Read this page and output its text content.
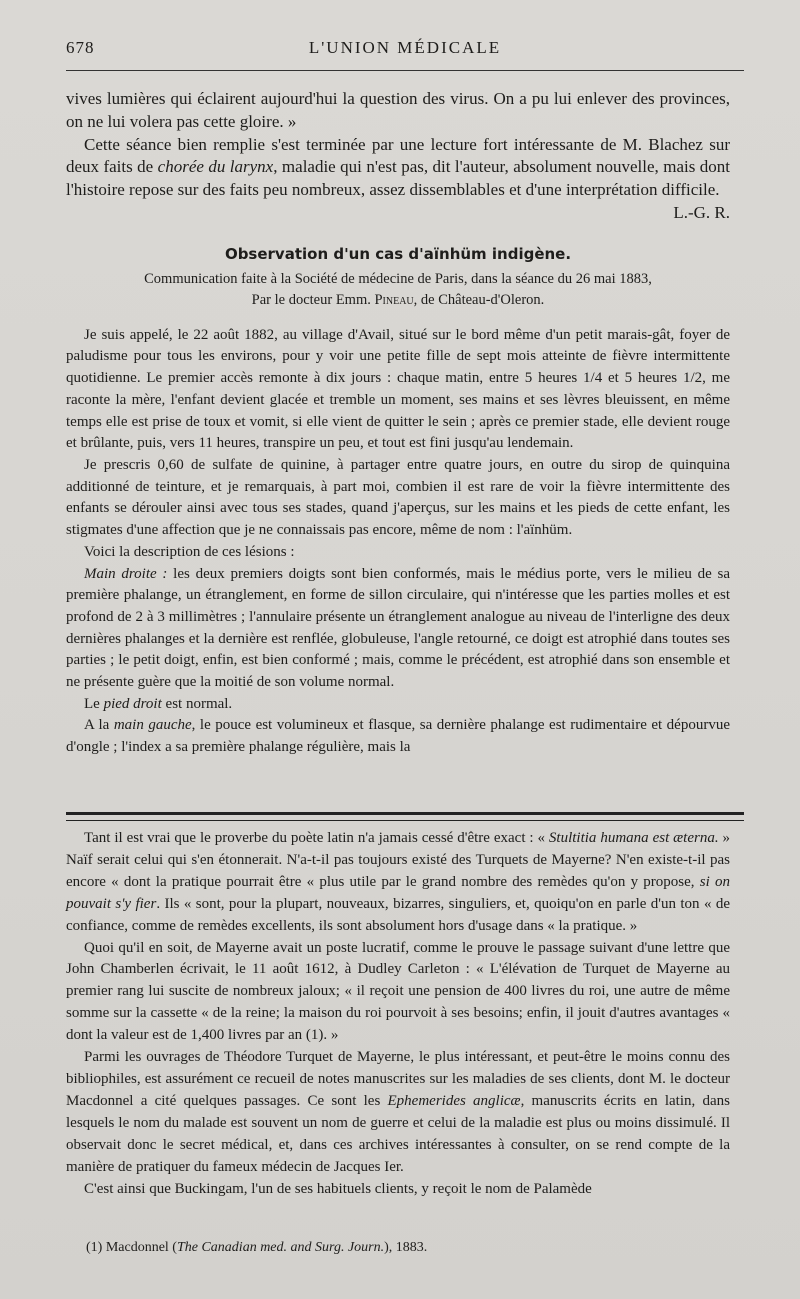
678	L'UNION MÉDICALE

vives lumières qui éclairent aujourd'hui la question des virus. On a pu lui enlever des provinces, on ne lui volera pas cette gloire. »

Cette séance bien remplie s'est terminée par une lecture fort intéressante de M. Blachez sur deux faits de chorée du larynx, maladie qui n'est pas, dit l'auteur, absolument nouvelle, mais dont l'histoire repose sur des faits peu nombreux, assez dissemblables et d'une interprétation difficile.

L.-G. R.

Observation d'un cas d'aïnhüm indigène.
Communication faite à la Société de médecine de Paris, dans la séance du 26 mai 1883,
Par le docteur Emm. Pineau, de Château-d'Oleron.

Je suis appelé, le 22 août 1882, au village d'Avail, situé sur le bord même d'un petit marais-gât, foyer de paludisme pour tous les environs, pour y voir une petite fille de sept mois atteinte de fièvre intermittente quotidienne. Le premier accès remonte à dix jours : chaque matin, entre 5 heures 1/4 et 5 heures 1/2, me raconte la mère, l'enfant devient glacée et tremble un moment, ses mains et ses lèvres bleuissent, en même temps elle est prise de toux et vomit, si elle vient de quitter le sein ; après ce premier stade, elle devient rouge et brûlante, puis, vers 11 heures, transpire un peu, et tout est fini jusqu'au lendemain.

Je prescris 0,60 de sulfate de quinine, à partager entre quatre jours, en outre du sirop de quinquina additionné de teinture, et je remarquais, à part moi, combien il est rare de voir la fièvre intermittente des enfants se dérouler ainsi avec tous ses stades, quand j'aperçus, sur les mains et les pieds de cette enfant, les stigmates d'une affection que je ne connaissais pas encore, même de nom : l'aïnhüm.

Voici la description de ces lésions :

Main droite : les deux premiers doigts sont bien conformés, mais le médius porte, vers le milieu de sa première phalange, un étranglement, en forme de sillon circulaire, qui n'intéresse que les parties molles et est profond de 2 à 3 millimètres ; l'annulaire présente un étranglement analogue au niveau de l'interligne des deux dernières phalanges et la dernière est renflée, globuleuse, l'angle retourné, ce doigt est atrophié dans toutes ses parties ; le petit doigt, enfin, est bien conformé ; mais, comme le précédent, est atrophié dans son ensemble et ne présente guère que la moitié de son volume normal.

Le pied droit est normal.

A la main gauche, le pouce est volumineux et flasque, sa dernière phalange est rudimentaire et dépourvue d'ongle ; l'index a sa première phalange régulière, mais la

Tant il est vrai que le proverbe du poète latin n'a jamais cessé d'être exact : « Stultitia humana est æterna. » Naïf serait celui qui s'en étonnerait. N'a-t-il pas toujours existé des Turquets de Mayerne? N'en existe-t-il pas encore « dont la pratique pourrait être « plus utile par le grand nombre des remèdes qu'on y propose, si on pouvait s'y fier. Ils « sont, pour la plupart, nouveaux, bizarres, singuliers, et, quoiqu'on en parle d'un ton « de confiance, comme de remèdes excellents, ils sont absolument hors d'usage dans « la pratique. »

Quoi qu'il en soit, de Mayerne avait un poste lucratif, comme le prouve le passage suivant d'une lettre que John Chamberlen écrivait, le 11 août 1612, à Dudley Carleton : « L'élévation de Turquet de Mayerne au premier rang lui suscite de nombreux jaloux; « il reçoit une pension de 400 livres du roi, une autre de même somme sur la cassette « de la reine; la maison du roi pourvoit à ses besoins; enfin, il jouit d'autres avantages « dont la valeur est de 1,400 livres par an (1). »

Parmi les ouvrages de Théodore Turquet de Mayerne, le plus intéressant, et peut-être le moins connu des bibliophiles, est assurément ce recueil de notes manuscrites sur les maladies de ses clients, dont M. le docteur Macdonnel a cité quelques passages. Ce sont les Ephemerides anglicæ, manuscrits écrits en latin, dans lesquels le nom du malade est souvent un nom de guerre et celui de la maladie est plus ou moins dissimulé. Il observait donc le secret médical, et, dans ces archives intéressantes à consulter, on se rend compte de la manière de pratiquer du fameux médecin de Jacques Ier.

C'est ainsi que Buckingam, l'un de ses habituels clients, y reçoit le nom de Palamède

(1) Macdonnel (The Canadian med. and Surg. Journ.), 1883.
